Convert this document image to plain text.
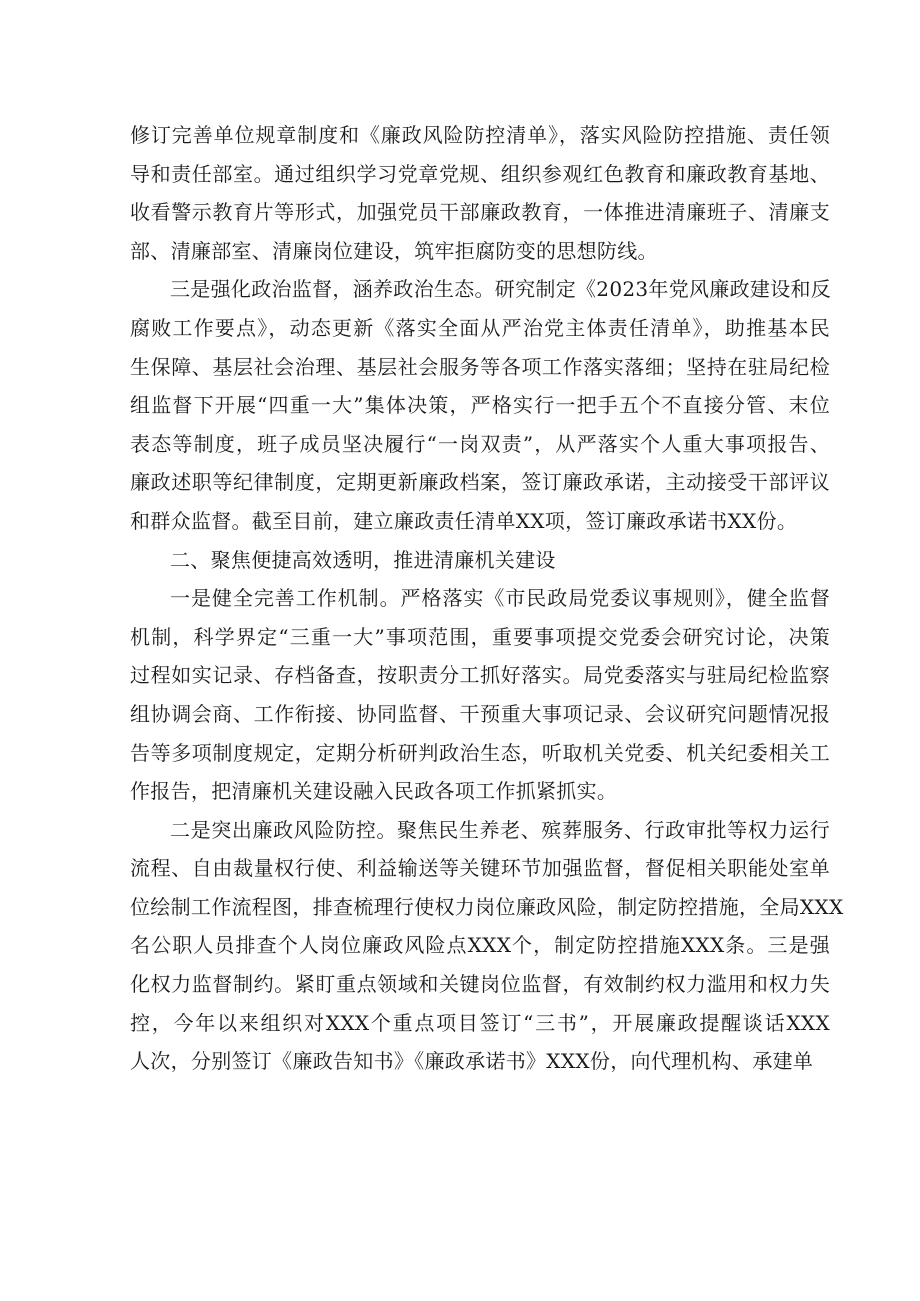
修订完善单位规章制度和《廉政风险防控清单》，落实风险防控措施、责任领
导和责任部室。通过组织学习党章党规、组织参观红色教育和廉政教育基地、
收看警示教育片等形式，加强党员干部廉政教育，一体推进清廉班子、清廉支
部、清廉部室、清廉岗位建设，筑牢拒腐防变的思想防线。
三是强化政治监督，涵养政治生态。研究制定《2023年党风廉政建设和反
腐败工作要点》，动态更新《落实全面从严治党主体责任清单》，助推基本民
生保障、基层社会治理、基层社会服务等各项工作落实落细；坚持在驻局纪检
组监督下开展“四重一大”集体决策，严格实行一把手五个不直接分管、末位
表态等制度，班子成员坚决履行“一岗双责”，从严落实个人重大事项报告、
廉政述职等纪律制度，定期更新廉政档案，签订廉政承诺，主动接受干部评议
和群众监督。截至目前，建立廉政责任清单XX项，签订廉政承诺书XX份。
二、聚焦便捷高效透明，推进清廉机关建设
一是健全完善工作机制。严格落实《市民政局党委议事规则》，健全监督
机制，科学界定“三重一大”事项范围，重要事项提交党委会研究讨论，决策
过程如实记录、存档备查，按职责分工抓好落实。局党委落实与驻局纪检监察
组协调会商、工作衔接、协同监督、干预重大事项记录、会议研究问题情况报
告等多项制度规定，定期分析研判政治生态，听取机关党委、机关纪委相关工
作报告，把清廉机关建设融入民政各项工作抓紧抓实。
二是突出廉政风险防控。聚焦民生养老、殡葬服务、行政审批等权力运行
流程、自由裁量权行使、利益输送等关键环节加强监督，督促相关职能处室单
位绘制工作流程图，排查梳理行使权力岗位廉政风险，制定防控措施，全局XXX
名公职人员排查个人岗位廉政风险点XXX个，制定防控措施XXX条。三是强
化权力监督制约。紧盯重点领域和关键岗位监督，有效制约权力滥用和权力失
控，今年以来组织对XXX个重点项目签订“三书”，开展廉政提醒谈话XXX
人次，分别签订《廉政告知书》《廉政承诺书》XXX份，向代理机构、承建单
